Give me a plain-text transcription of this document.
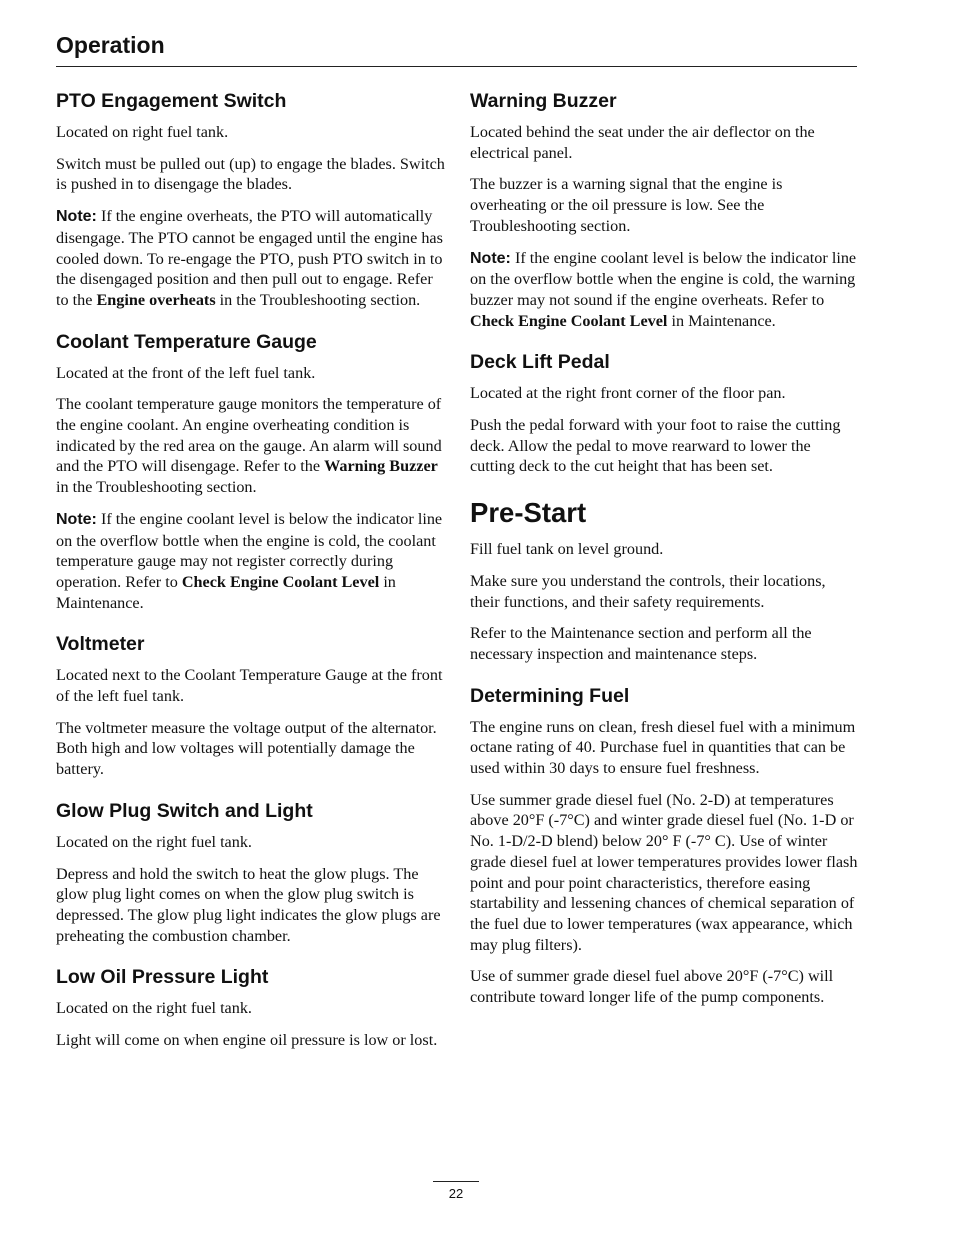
Operation
PTO Engagement Switch

Located on right fuel tank.

Switch must be pulled out (up) to engage the blades. Switch is pushed in to disengage the blades.

Note: If the engine overheats, the PTO will automatically disengage. The PTO cannot be engaged until the engine has cooled down. To re-engage the PTO, push PTO switch in to the disengaged position and then pull out to engage. Refer to the Engine overheats in the Troubleshooting section.

Coolant Temperature Gauge

Located at the front of the left fuel tank.

The coolant temperature gauge monitors the temperature of the engine coolant. An engine overheating condition is indicated by the red area on the gauge. An alarm will sound and the PTO will disengage. Refer to the Warning Buzzer in the Troubleshooting section.

Note: If the engine coolant level is below the indicator line on the overflow bottle when the engine is cold, the coolant temperature gauge may not register correctly during operation. Refer to Check Engine Coolant Level in Maintenance.

Voltmeter

Located next to the Coolant Temperature Gauge at the front of the left fuel tank.

The voltmeter measure the voltage output of the alternator. Both high and low voltages will potentially damage the battery.

Glow Plug Switch and Light

Located on the right fuel tank.

Depress and hold the switch to heat the glow plugs. The glow plug light comes on when the glow plug switch is depressed. The glow plug light indicates the glow plugs are preheating the combustion chamber.

Low Oil Pressure Light

Located on the right fuel tank.

Light will come on when engine oil pressure is low or lost.

Warning Buzzer

Located behind the seat under the air deflector on the electrical panel.

The buzzer is a warning signal that the engine is overheating or the oil pressure is low. See the Troubleshooting section.

Note: If the engine coolant level is below the indicator line on the overflow bottle when the engine is cold, the warning buzzer may not sound if the engine overheats. Refer to Check Engine Coolant Level in Maintenance.

Deck Lift Pedal

Located at the right front corner of the floor pan.

Push the pedal forward with your foot to raise the cutting deck. Allow the pedal to move rearward to lower the cutting deck to the cut height that has been set.

Pre-Start

Fill fuel tank on level ground.

Make sure you understand the controls, their locations, their functions, and their safety requirements.

Refer to the Maintenance section and perform all the necessary inspection and maintenance steps.

Determining Fuel

The engine runs on clean, fresh diesel fuel with a minimum octane rating of 40. Purchase fuel in quantities that can be used within 30 days to ensure fuel freshness.

Use summer grade diesel fuel (No. 2-D) at temperatures above 20°F (-7°C) and winter grade diesel fuel (No. 1-D or No. 1-D/2-D blend) below 20° F (-7° C). Use of winter grade diesel fuel at lower temperatures provides lower flash point and pour point characteristics, therefore easing startability and lessening chances of chemical separation of the fuel due to lower temperatures (wax appearance, which may plug filters).

Use of summer grade diesel fuel above 20°F (-7°C) will contribute toward longer life of the pump components.

22
